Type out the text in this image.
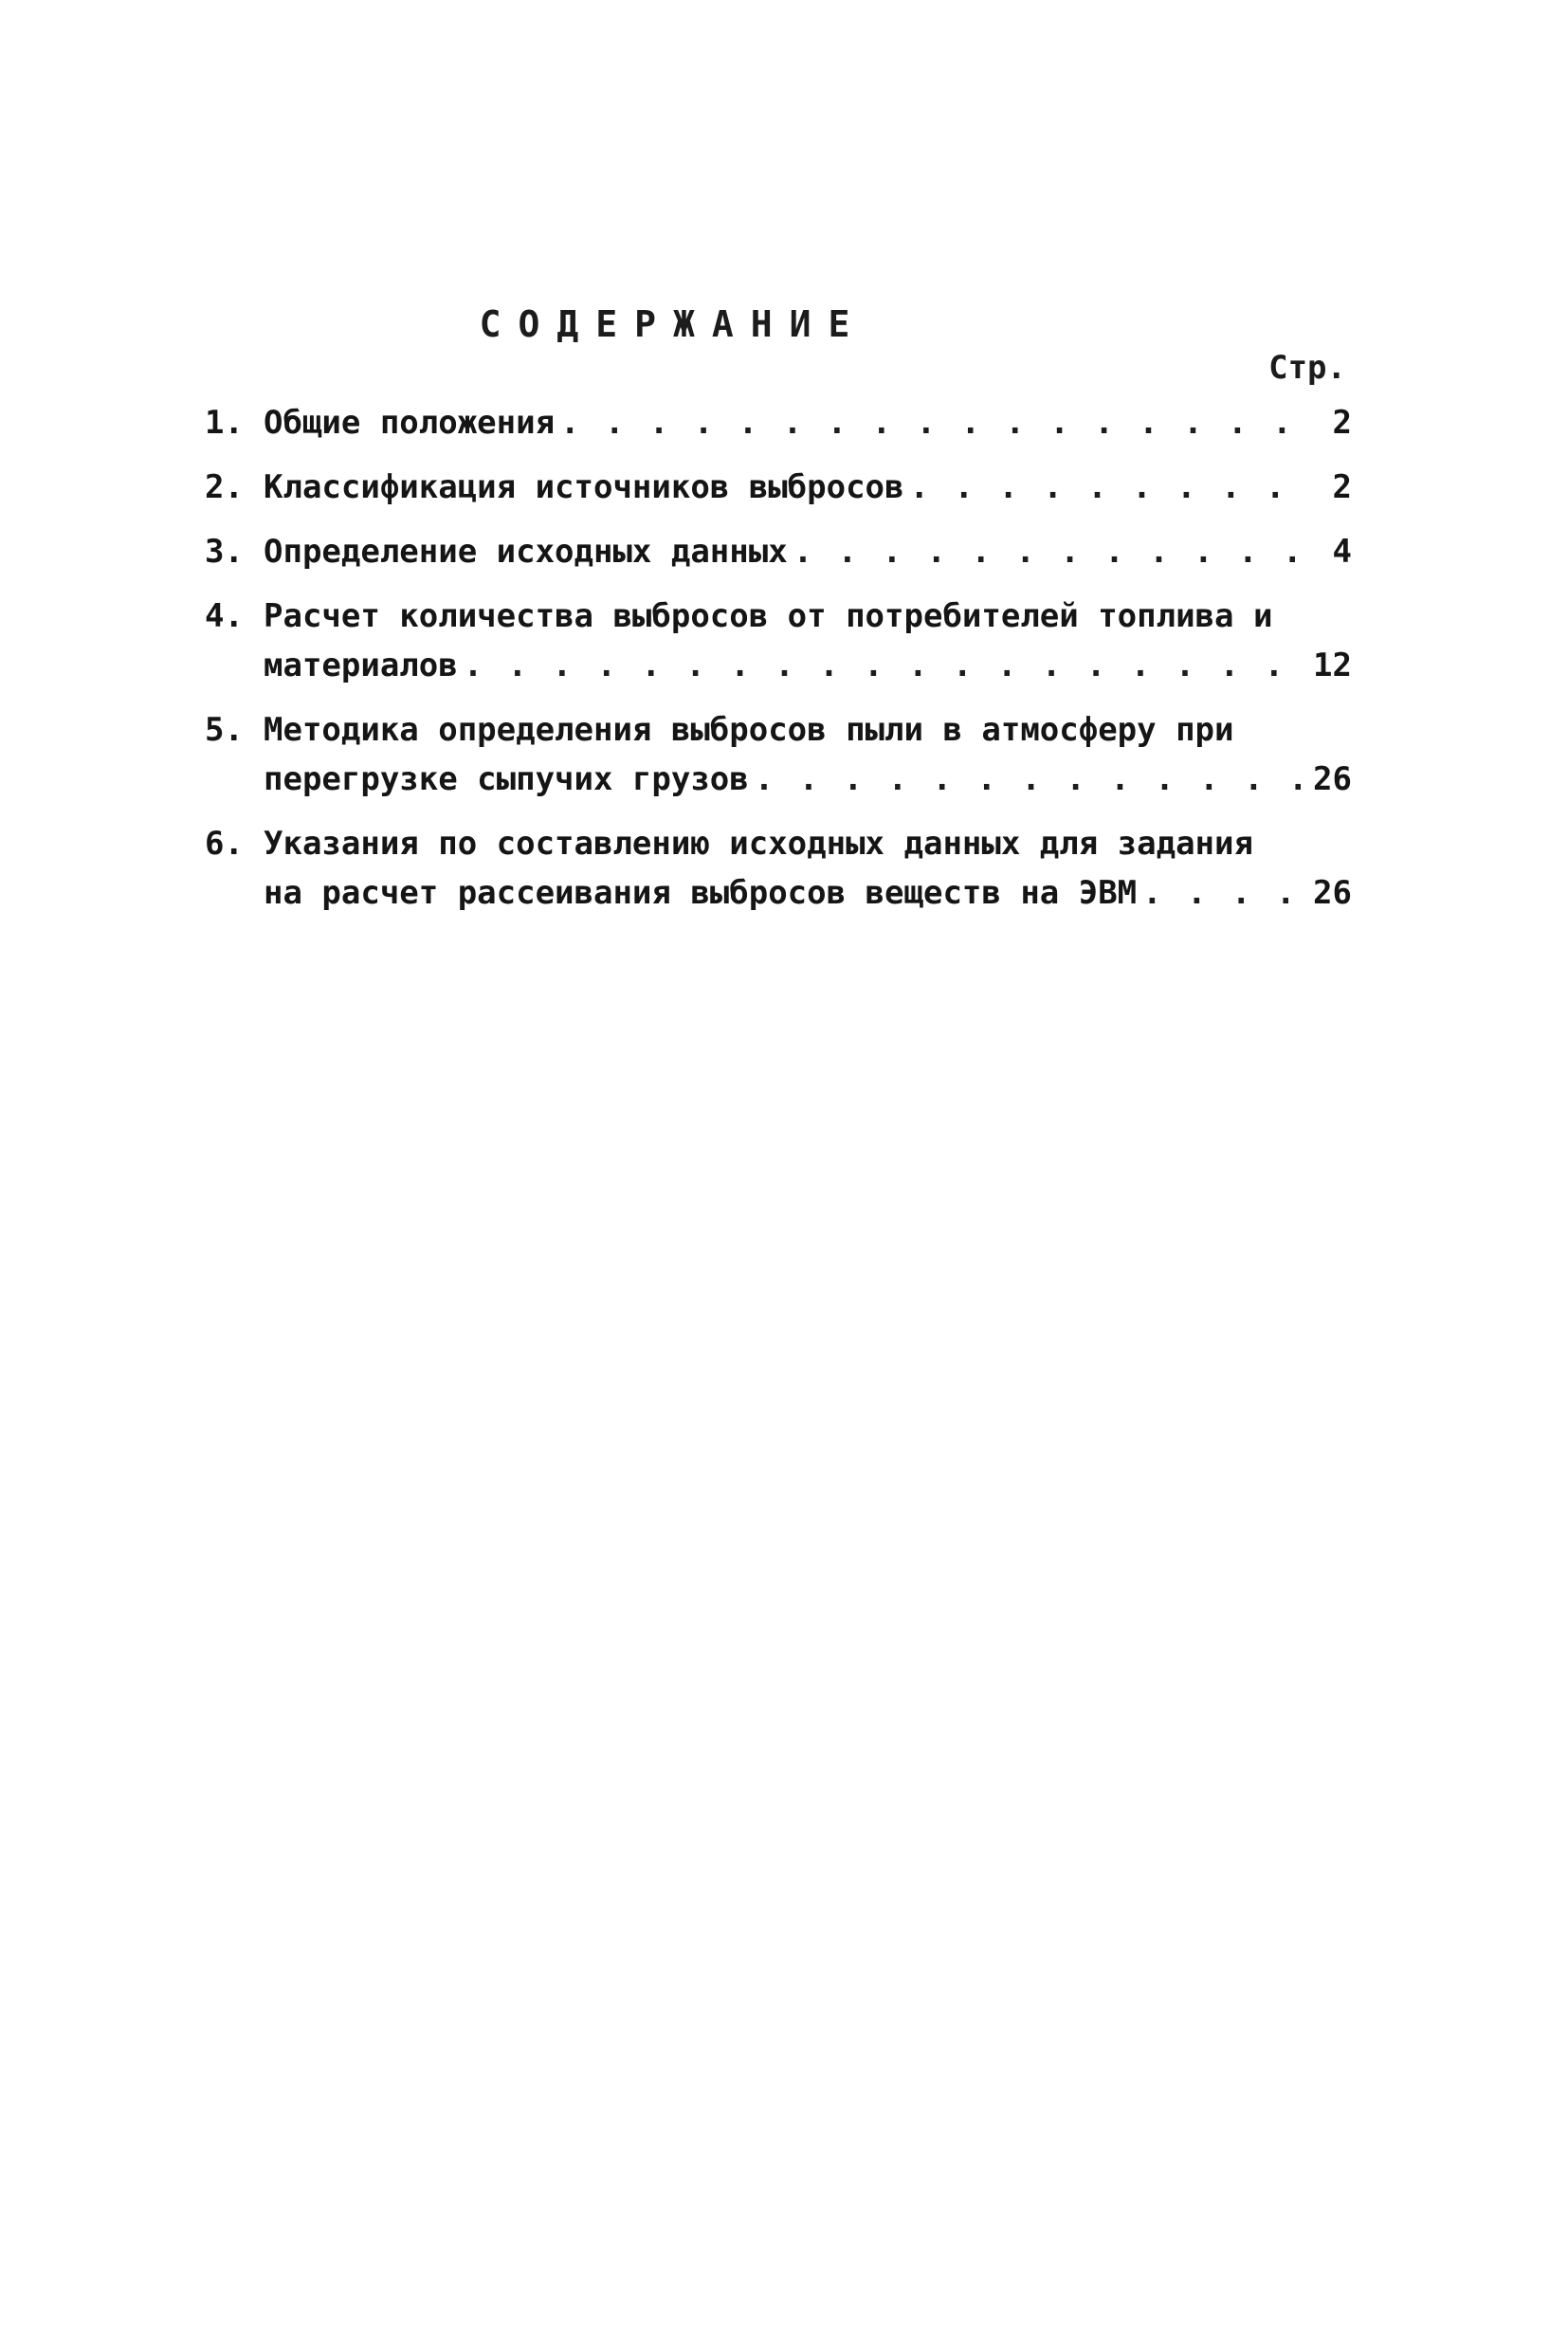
СОДЕРЖАНИЕ
Стр.
1. Общие положения . . .	2
2. Классификация источников выбросов . . .	2
3. Определение исходных данных . . .	4
4. Расчет количества выбросов от потребителей топлива и
материалов . . .	12
5. Методика определения выбросов пыли в атмосферу при
перегрузке сыпучих грузов . . .	26
6. Указания по составлению исходных данных для задания
на расчет рассеивания выбросов веществ на ЭВМ . . .	26
